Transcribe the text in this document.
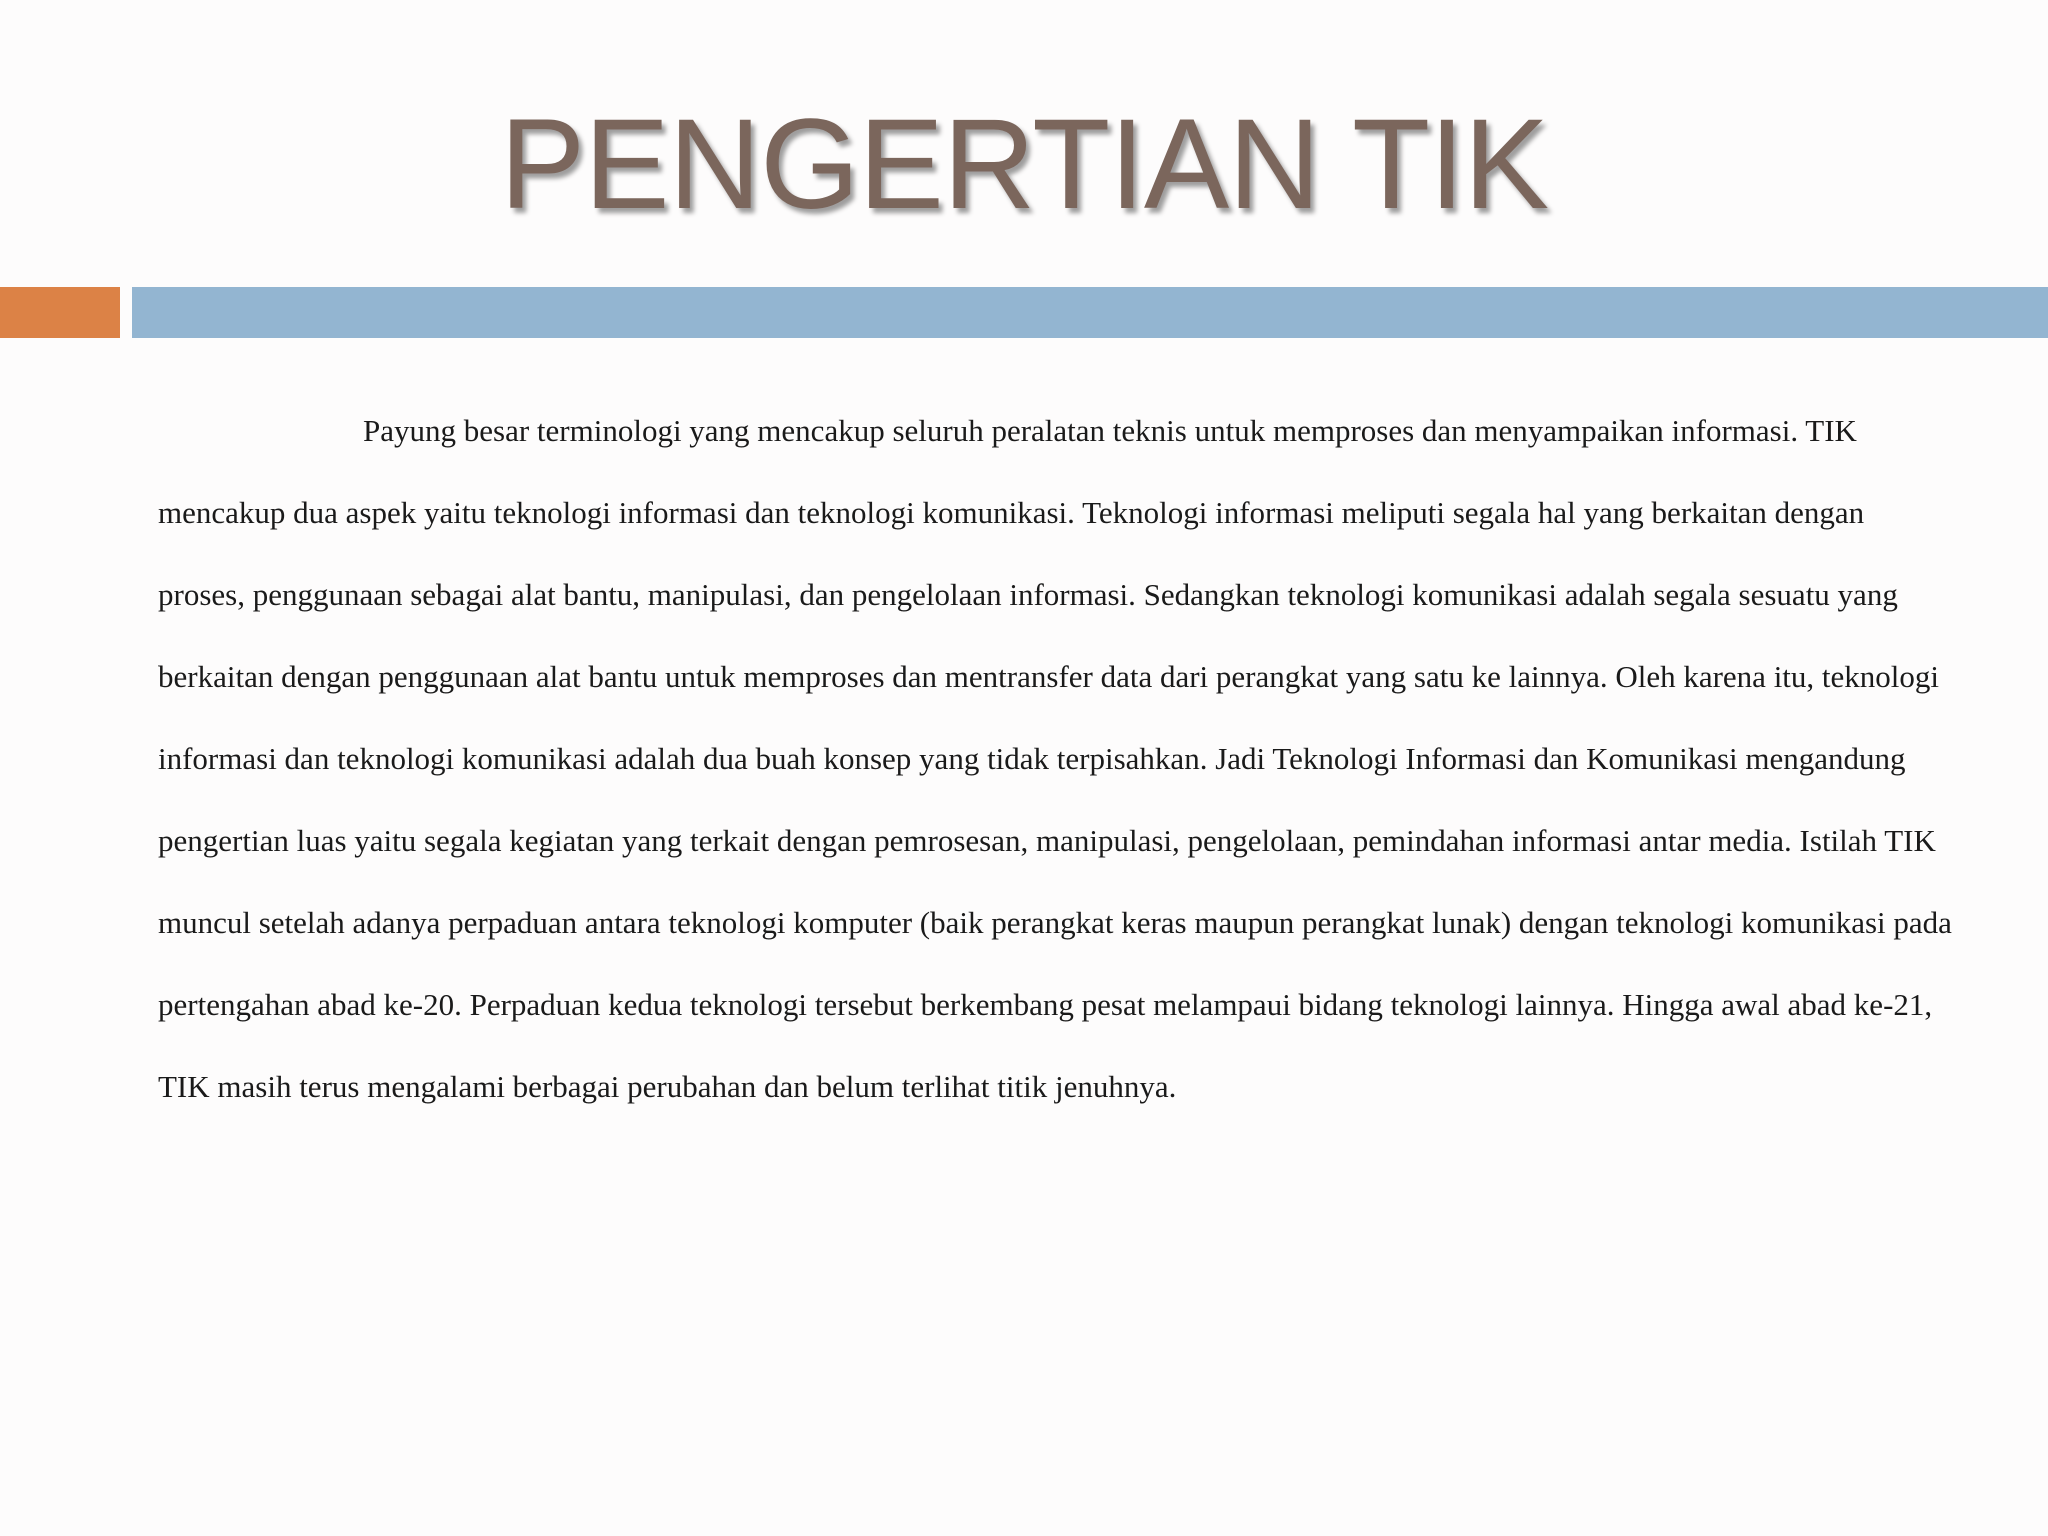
PENGERTIAN TIK

Payung besar terminologi yang mencakup seluruh peralatan teknis untuk memproses dan menyampaikan informasi. TIK mencakup dua aspek yaitu teknologi informasi dan teknologi komunikasi. Teknologi informasi meliputi segala hal yang berkaitan dengan proses, penggunaan sebagai alat bantu, manipulasi, dan pengelolaan informasi. Sedangkan teknologi komunikasi adalah segala sesuatu yang berkaitan dengan penggunaan alat bantu untuk memproses dan mentransfer data dari perangkat yang satu ke lainnya. Oleh karena itu, teknologi informasi dan teknologi komunikasi adalah dua buah konsep yang tidak terpisahkan. Jadi Teknologi Informasi dan Komunikasi mengandung pengertian luas yaitu segala kegiatan yang terkait dengan pemrosesan, manipulasi, pengelolaan, pemindahan informasi antar media. Istilah TIK muncul setelah adanya perpaduan antara teknologi komputer (baik perangkat keras maupun perangkat lunak) dengan teknologi komunikasi pada pertengahan abad ke-20. Perpaduan kedua teknologi tersebut berkembang pesat melampaui bidang teknologi lainnya. Hingga awal abad ke-21, TIK masih terus mengalami berbagai perubahan dan belum terlihat titik jenuhnya.
